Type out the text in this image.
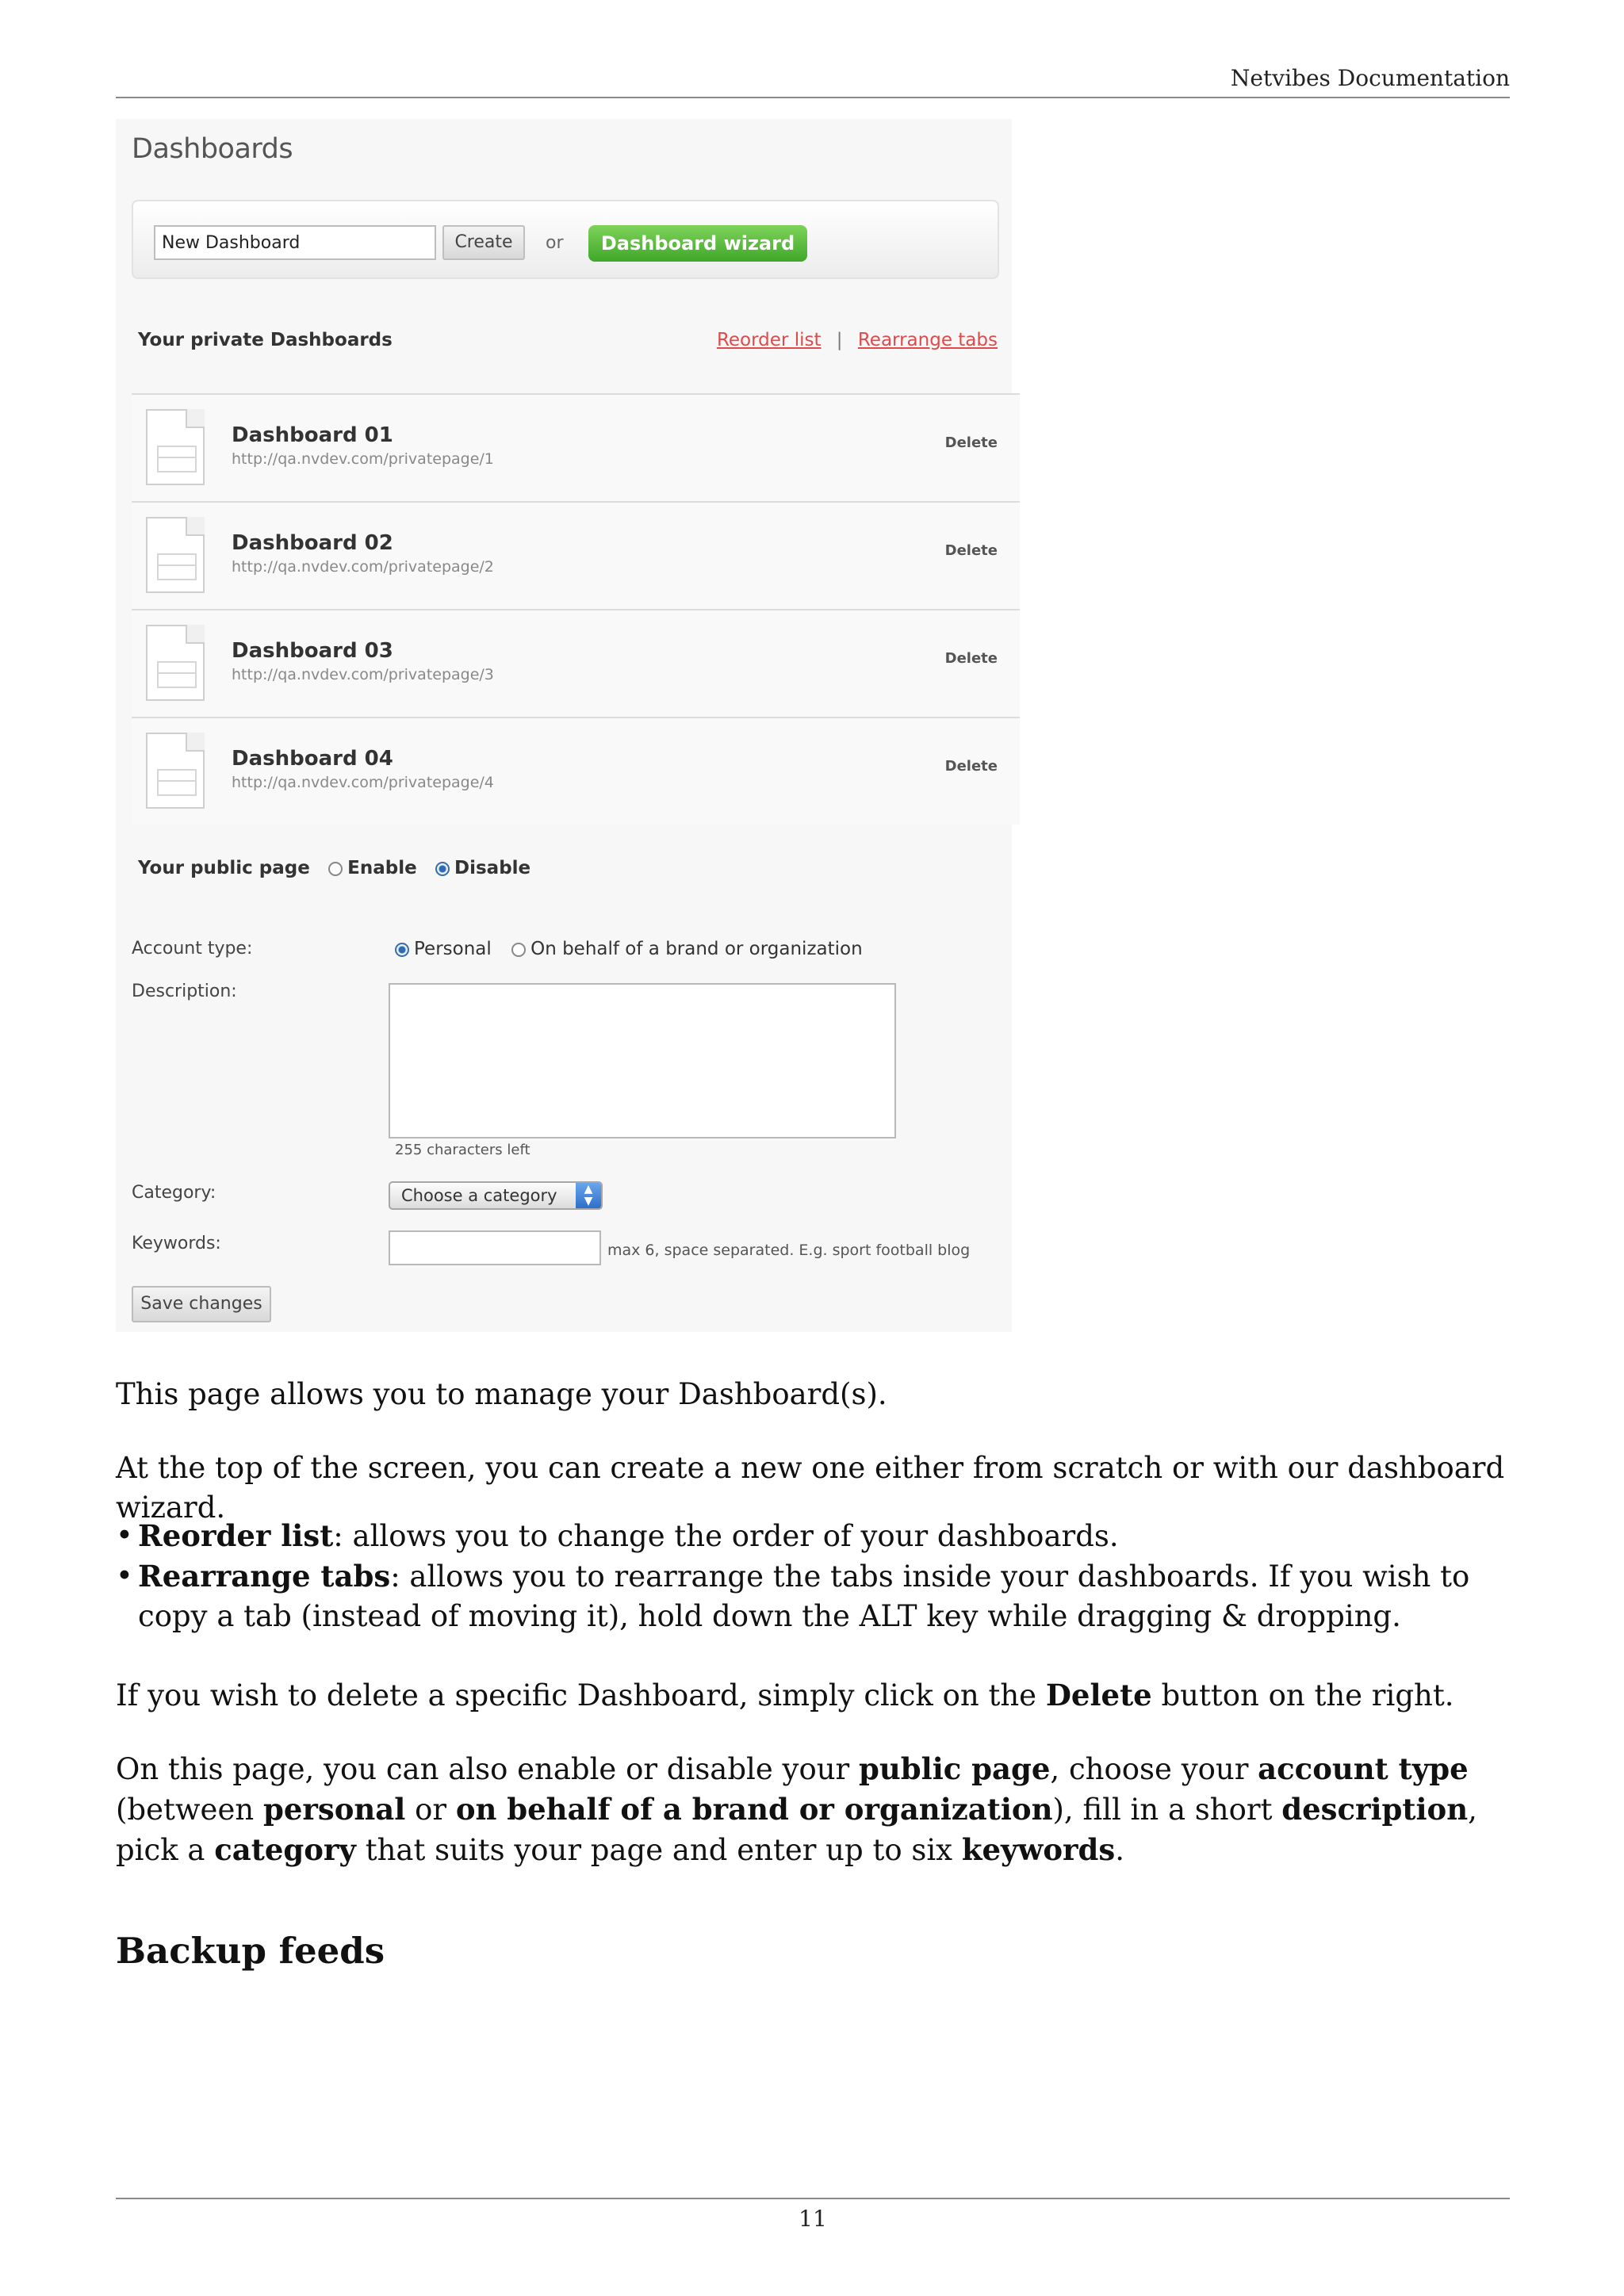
Netvibes Documentation
Dashboards
New Dashboard
Create	or	Dashboard wizard
Your private Dashboards	Reorder list | Rearrange tabs
Dashboard 01
http://qa.nvdev.com/privatepage/1
Delete
Dashboard 02
http://qa.nvdev.com/privatepage/2
Delete
Dashboard 03
http://qa.nvdev.com/privatepage/3
Delete
Dashboard 04
http://qa.nvdev.com/privatepage/4
Delete
Your public page Enable Disable
Account type:	Personal On behalf of a brand or organization
Description:
255 characters left
Category:	Choose a category	▲
▼
Keywords:	max 6, space separated. E.g. sport football blog
Save changes

This page allows you to manage your Dashboard(s).

At the top of the screen, you can create a new one either from scratch or with our dashboard wizard.

• Reorder list: allows you to change the order of your dashboards.
• Rearrange tabs: allows you to rearrange the tabs inside your dashboards. If you wish to copy a tab (instead of moving it), hold down the ALT key while dragging & dropping.

If you wish to delete a specific Dashboard, simply click on the Delete button on the right.

On this page, you can also enable or disable your public page, choose your account type (between personal or on behalf of a brand or organization), fill in a short description, pick a category that suits your page and enter up to six keywords.

Backup feeds
11
